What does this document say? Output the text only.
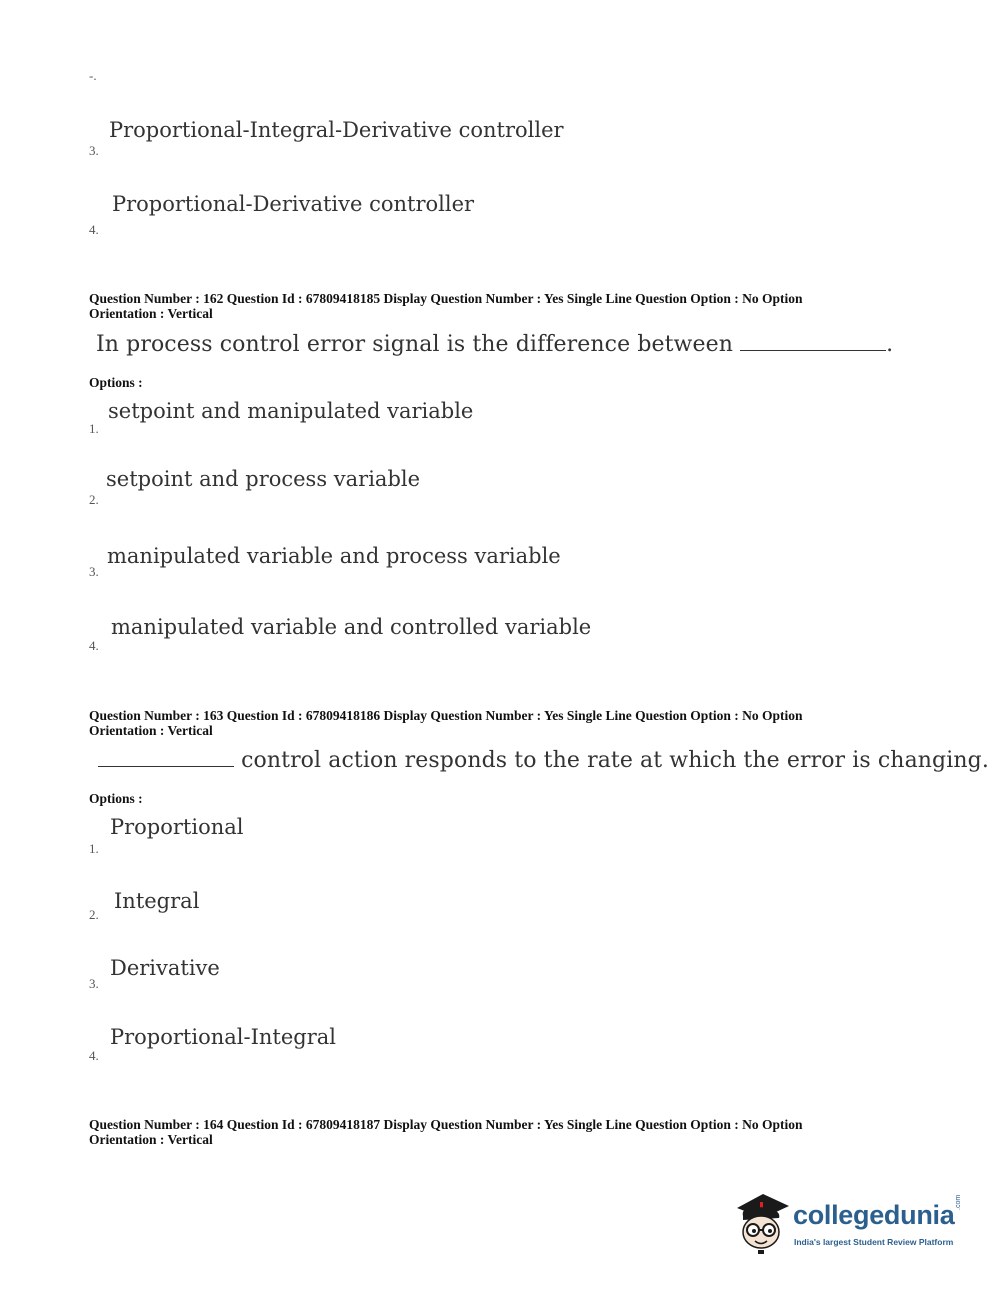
-.
Proportional-Integral-Derivative controller
3.
Proportional-Derivative controller
4.
Question Number : 162 Question Id : 67809418185 Display Question Number : Yes Single Line Question Option : No Option
Orientation : Vertical
In process control error signal is the difference between	.
Options :
setpoint and manipulated variable
1.
setpoint and process variable
2.
manipulated variable and process variable
3.
manipulated variable and controlled variable
4.
Question Number : 163 Question Id : 67809418186 Display Question Number : Yes Single Line Question Option : No Option
Orientation : Vertical
control action responds to the rate at which the error is changing.
Options :
Proportional
1.
Integral
2.
Derivative
3.
Proportional-Integral
4.
Question Number : 164 Question Id : 67809418187 Display Question Number : Yes Single Line Question Option : No Option
Orientation : Vertical
collegedunia .com
India's largest Student Review Platform
